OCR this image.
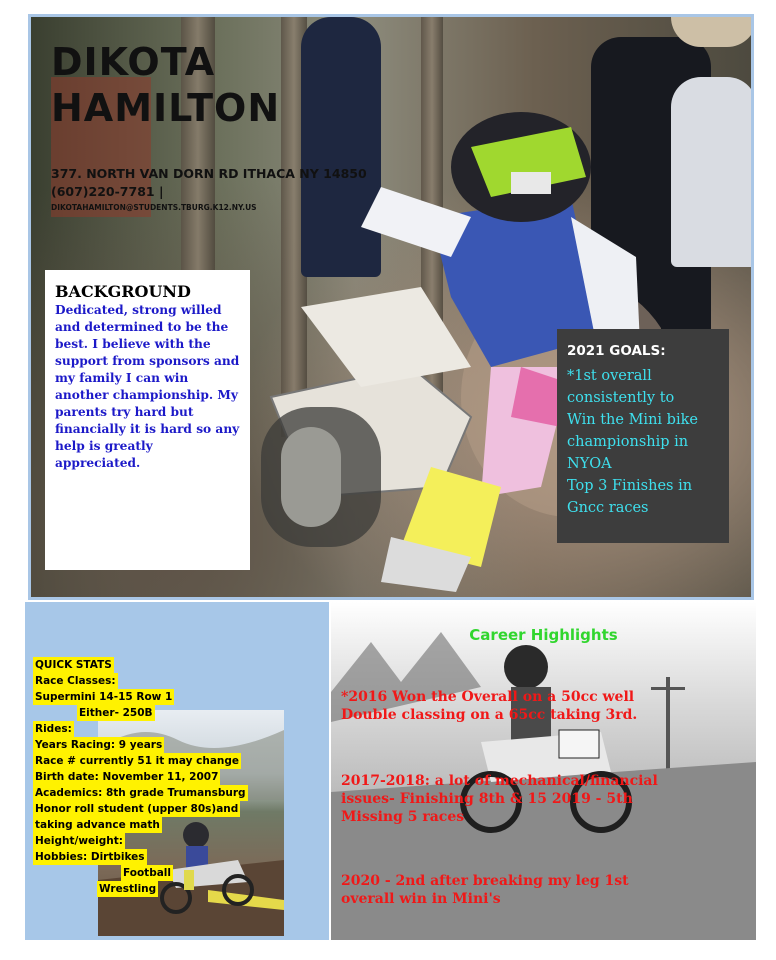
DIKOTA
HAMILTON
377. NORTH VAN DORN RD ITHACA NY 14850
(607)220-7781 |
DIKOTAHAMILTON@STUDENTS.TBURG.K12.NY.US
BACKGROUND
Dedicated, strong willed and determined to be the best. I believe with the support from sponsors and my family I can win another championship. My parents try hard but financially it is hard so any help is greatly appreciated.
2021 GOALS:
*1st overall
consistently to
Win the Mini bike
championship in
NYOA
Top 3 Finishes in
Gncc races
QUICK STATS
Race Classes:
Supermini 14-15 Row 1
Either- 250B
Rides:
Years Racing: 9 years
Race # currently 51 it may change
Birth date: November 11, 2007
Academics: 8th grade Trumansburg
Honor roll student (upper 80s)and
taking advance math
Height/weight:
Hobbies: Dirtbikes
Football
Wrestling
Career Highlights
*2016 Won the Overall on a 50cc well Double classing on a 65cc taking 3rd.
2017-2018: a lot of mechanical/financial issues- Finishing 8th & 15 2019 - 5th Missing 5 races
2020 - 2nd after breaking my leg 1st overall win in Mini's
